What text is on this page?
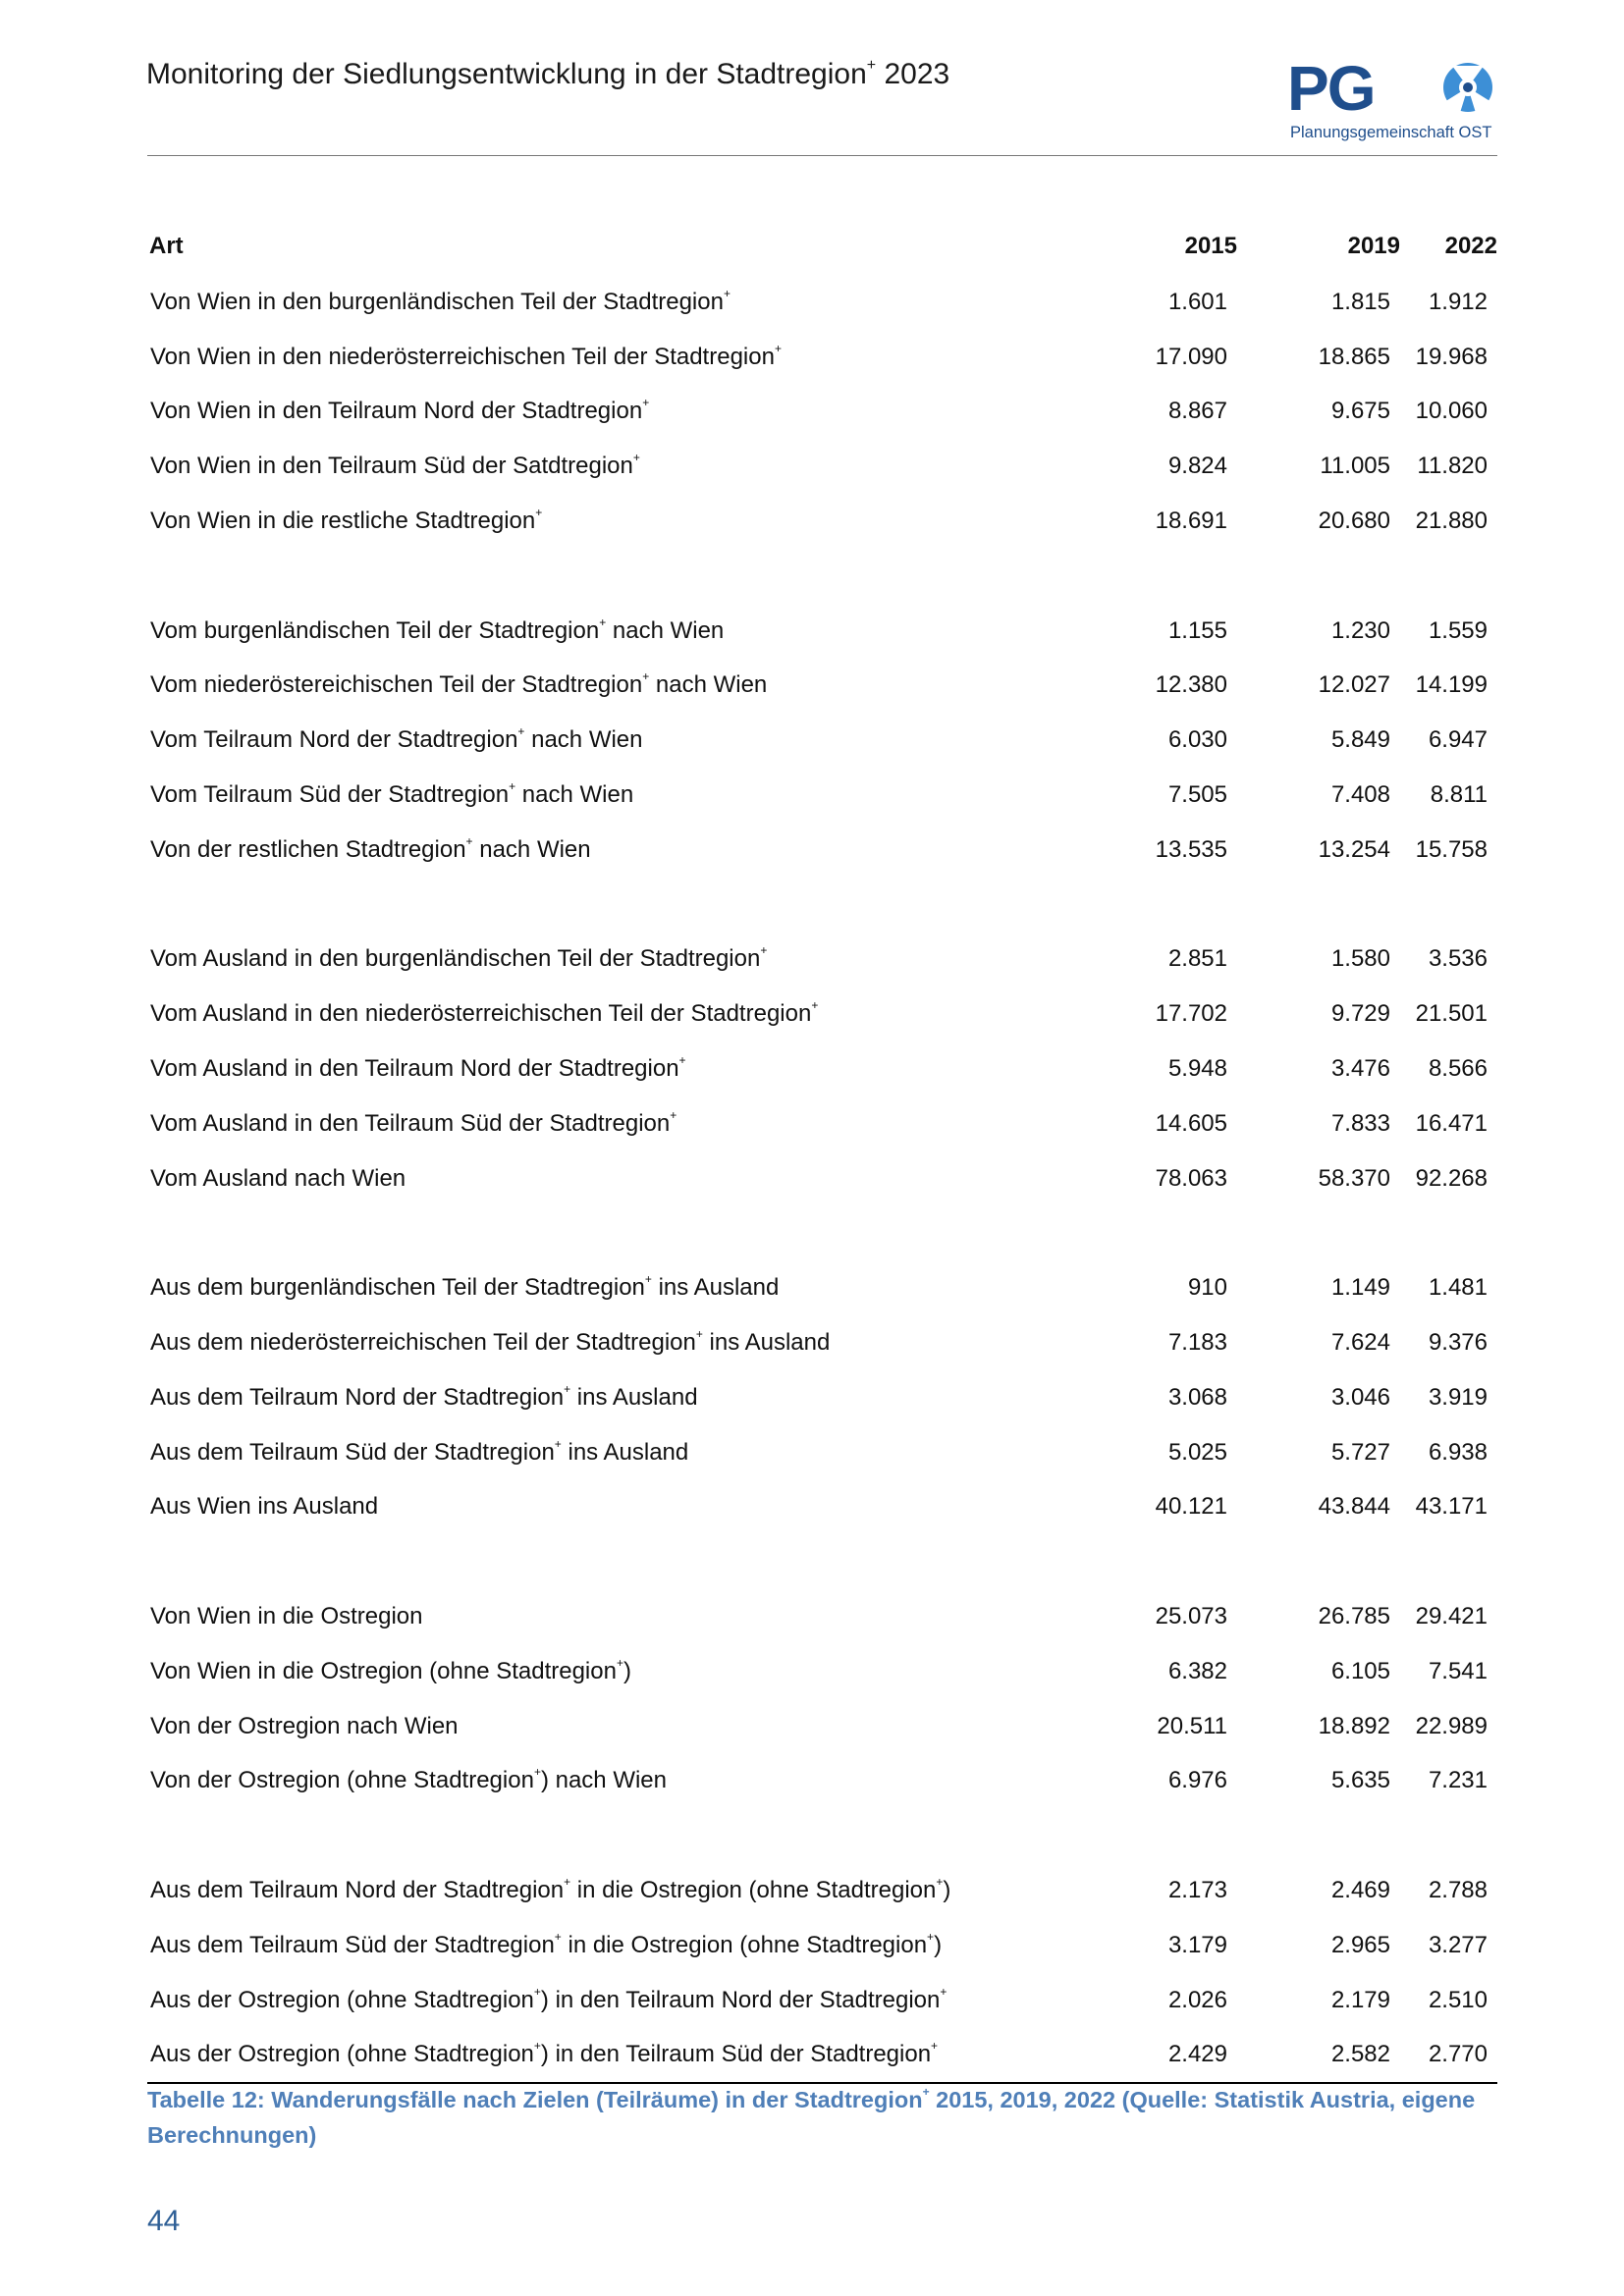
Monitoring der Siedlungsentwicklung in der Stadtregion+ 2023	PG
Planungsgemeinschaft OST
Art	2015	2019	2022
Von Wien in den burgenländischen Teil der Stadtregion+	1.601	1.815	1.912
Von Wien in den niederösterreichischen Teil der Stadtregion+	17.090	18.865	19.968
Von Wien in den Teilraum Nord der Stadtregion+	8.867	9.675	10.060
Von Wien in den Teilraum Süd der Satdtregion+	9.824	11.005	11.820
Von Wien in die restliche Stadtregion+	18.691	20.680	21.880

Vom burgenländischen Teil der Stadtregion+ nach Wien	1.155	1.230	1.559
Vom niederöstereichischen Teil der Stadtregion+ nach Wien	12.380	12.027	14.199
Vom Teilraum Nord der Stadtregion+ nach Wien	6.030	5.849	6.947
Vom Teilraum Süd der Stadtregion+ nach Wien	7.505	7.408	8.811
Von der restlichen Stadtregion+ nach Wien	13.535	13.254	15.758

Vom Ausland in den burgenländischen Teil der Stadtregion+	2.851	1.580	3.536
Vom Ausland in den niederösterreichischen Teil der Stadtregion+	17.702	9.729	21.501
Vom Ausland in den Teilraum Nord der Stadtregion+	5.948	3.476	8.566
Vom Ausland in den Teilraum Süd der Stadtregion+	14.605	7.833	16.471
Vom Ausland nach Wien	78.063	58.370	92.268

Aus dem burgenländischen Teil der Stadtregion+ ins Ausland	910	1.149	1.481
Aus dem niederösterreichischen Teil der Stadtregion+ ins Ausland	7.183	7.624	9.376
Aus dem Teilraum Nord der Stadtregion+ ins Ausland	3.068	3.046	3.919
Aus dem Teilraum Süd der Stadtregion+ ins Ausland	5.025	5.727	6.938
Aus Wien ins Ausland	40.121	43.844	43.171

Von Wien in die Ostregion	25.073	26.785	29.421
Von Wien in die Ostregion (ohne Stadtregion+)	6.382	6.105	7.541
Von der Ostregion nach Wien	20.511	18.892	22.989
Von der Ostregion (ohne Stadtregion+) nach Wien	6.976	5.635	7.231

Aus dem Teilraum Nord der Stadtregion+ in die Ostregion (ohne Stadtregion+)	2.173	2.469	2.788
Aus dem Teilraum Süd der Stadtregion+ in die Ostregion (ohne Stadtregion+)	3.179	2.965	3.277
Aus der Ostregion (ohne Stadtregion+) in den Teilraum Nord der Stadtregion+	2.026	2.179	2.510
Aus der Ostregion (ohne Stadtregion+) in den Teilraum Süd der Stadtregion+	2.429	2.582	2.770
Tabelle 12: Wanderungsfälle nach Zielen (Teilräume) in der Stadtregion+ 2015, 2019, 2022 (Quelle: Statistik Austria, eigene Berechnungen)
44
